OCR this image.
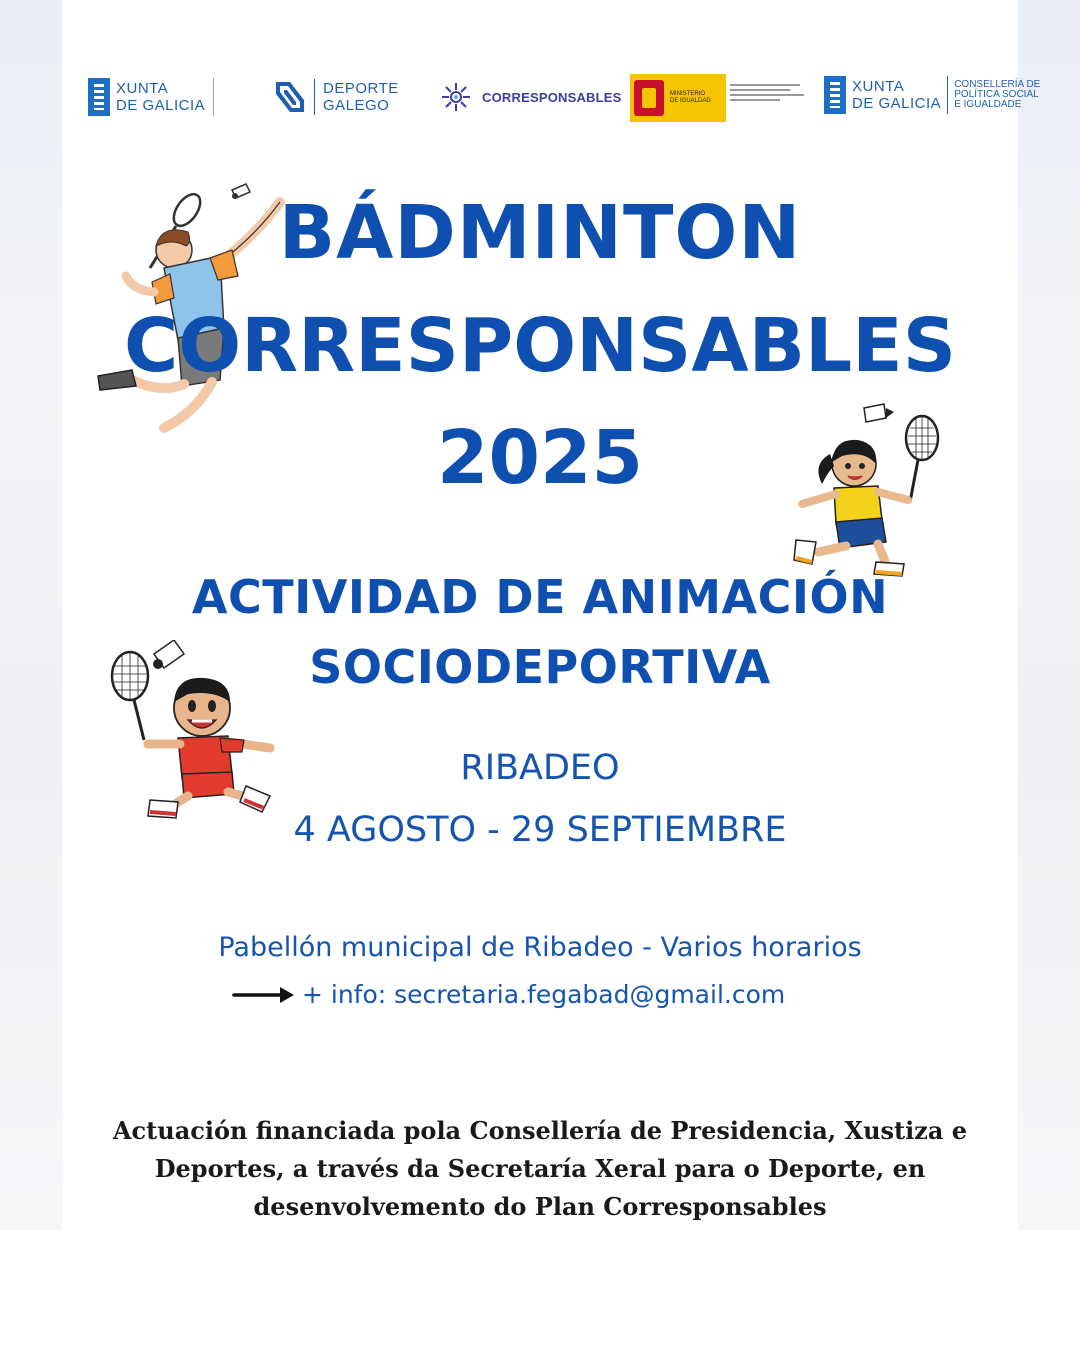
XUNTA
DE GALICIA
DEPORTE
GALEGO	CORRESPONSABLES	MINISTERIO
DE IGUALDAD
XUNTA
DE GALICIA
CONSELLERÍA DE
POLÍTICA SOCIAL
E IGUALDADE
BÁDMINTON
CORRESPONSABLES
2025
ACTIVIDAD DE ANIMACIÓN
SOCIODEPORTIVA
RIBADEO
4 AGOSTO - 29 SEPTIEMBRE
Pabellón municipal de Ribadeo - Varios horarios
+ info: secretaria.fegabad@gmail.com
Actuación financiada pola Consellería de Presidencia, Xustiza e
Deportes, a través da Secretaría Xeral para o Deporte, en
desenvolvemento do Plan Corresponsables
